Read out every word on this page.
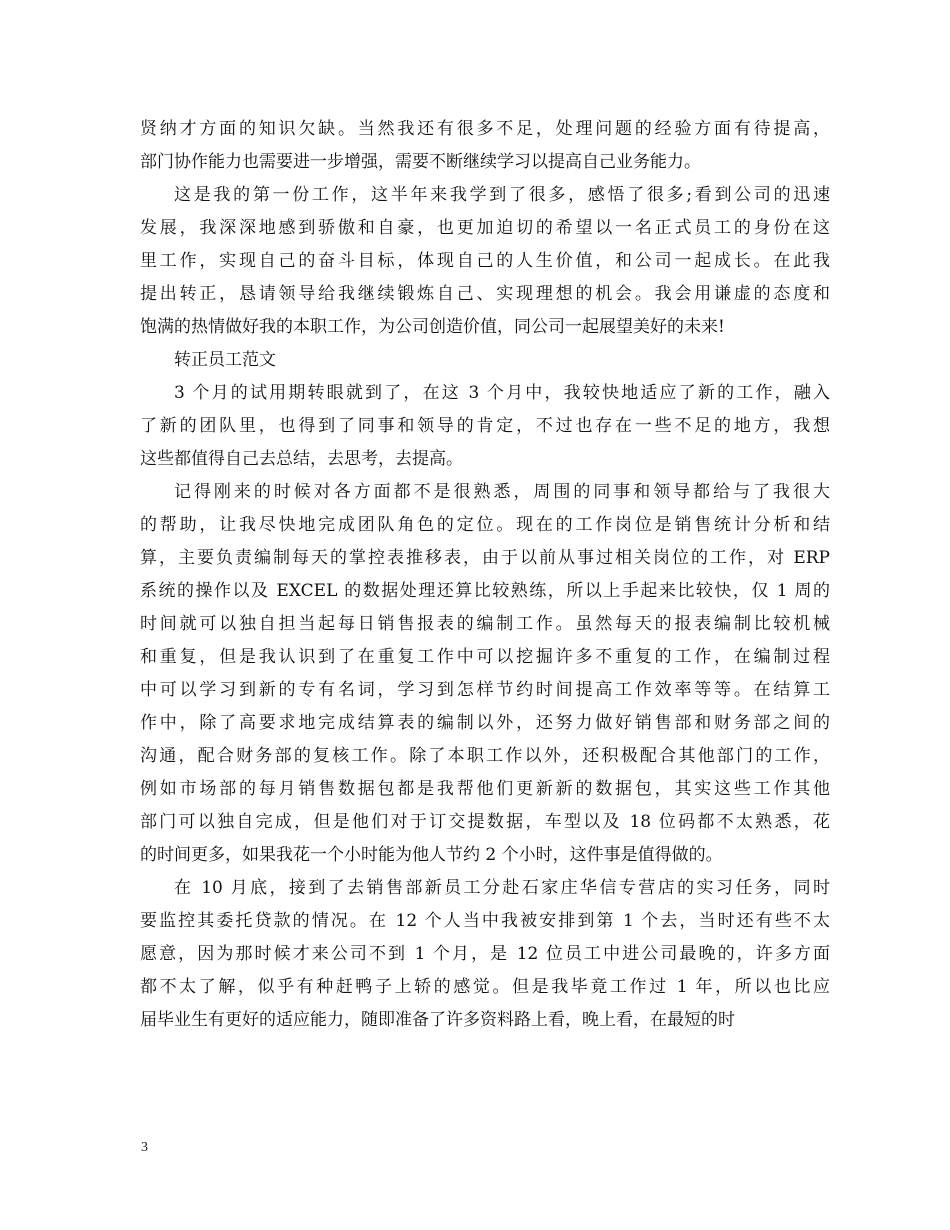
贤纳才方面的知识欠缺。当然我还有很多不足，处理问题的经验方面有待提高，
部门协作能力也需要进一步增强，需要不断继续学习以提高自己业务能力。
这是我的第一份工作，这半年来我学到了很多，感悟了很多;看到公司的迅速
发展，我深深地感到骄傲和自豪，也更加迫切的希望以一名正式员工的身份在这
里工作，实现自己的奋斗目标，体现自己的人生价值，和公司一起成长。在此我
提出转正，恳请领导给我继续锻炼自己、实现理想的机会。我会用谦虚的态度和
饱满的热情做好我的本职工作，为公司创造价值，同公司一起展望美好的未来!
转正员工范文
3 个月的试用期转眼就到了，在这 3 个月中，我较快地适应了新的工作，融入
了新的团队里，也得到了同事和领导的肯定，不过也存在一些不足的地方，我想
这些都值得自己去总结，去思考，去提高。
记得刚来的时候对各方面都不是很熟悉，周围的同事和领导都给与了我很大
的帮助，让我尽快地完成团队角色的定位。现在的工作岗位是销售统计分析和结
算，主要负责编制每天的掌控表推移表，由于以前从事过相关岗位的工作，对 ERP
系统的操作以及 EXCEL 的数据处理还算比较熟练，所以上手起来比较快，仅 1 周的
时间就可以独自担当起每日销售报表的编制工作。虽然每天的报表编制比较机械
和重复，但是我认识到了在重复工作中可以挖掘许多不重复的工作，在编制过程
中可以学习到新的专有名词，学习到怎样节约时间提高工作效率等等。在结算工
作中，除了高要求地完成结算表的编制以外，还努力做好销售部和财务部之间的
沟通，配合财务部的复核工作。除了本职工作以外，还积极配合其他部门的工作，
例如市场部的每月销售数据包都是我帮他们更新新的数据包，其实这些工作其他
部门可以独自完成，但是他们对于订交提数据，车型以及 18 位码都不太熟悉，花
的时间更多，如果我花一个小时能为他人节约 2 个小时，这件事是值得做的。
在 10 月底，接到了去销售部新员工分赴石家庄华信专营店的实习任务，同时
要监控其委托贷款的情况。在 12 个人当中我被安排到第 1 个去，当时还有些不太
愿意，因为那时候才来公司不到 1 个月，是 12 位员工中进公司最晚的，许多方面
都不太了解，似乎有种赶鸭子上轿的感觉。但是我毕竟工作过 1 年，所以也比应
届毕业生有更好的适应能力，随即准备了许多资料路上看，晚上看，在最短的时
3
